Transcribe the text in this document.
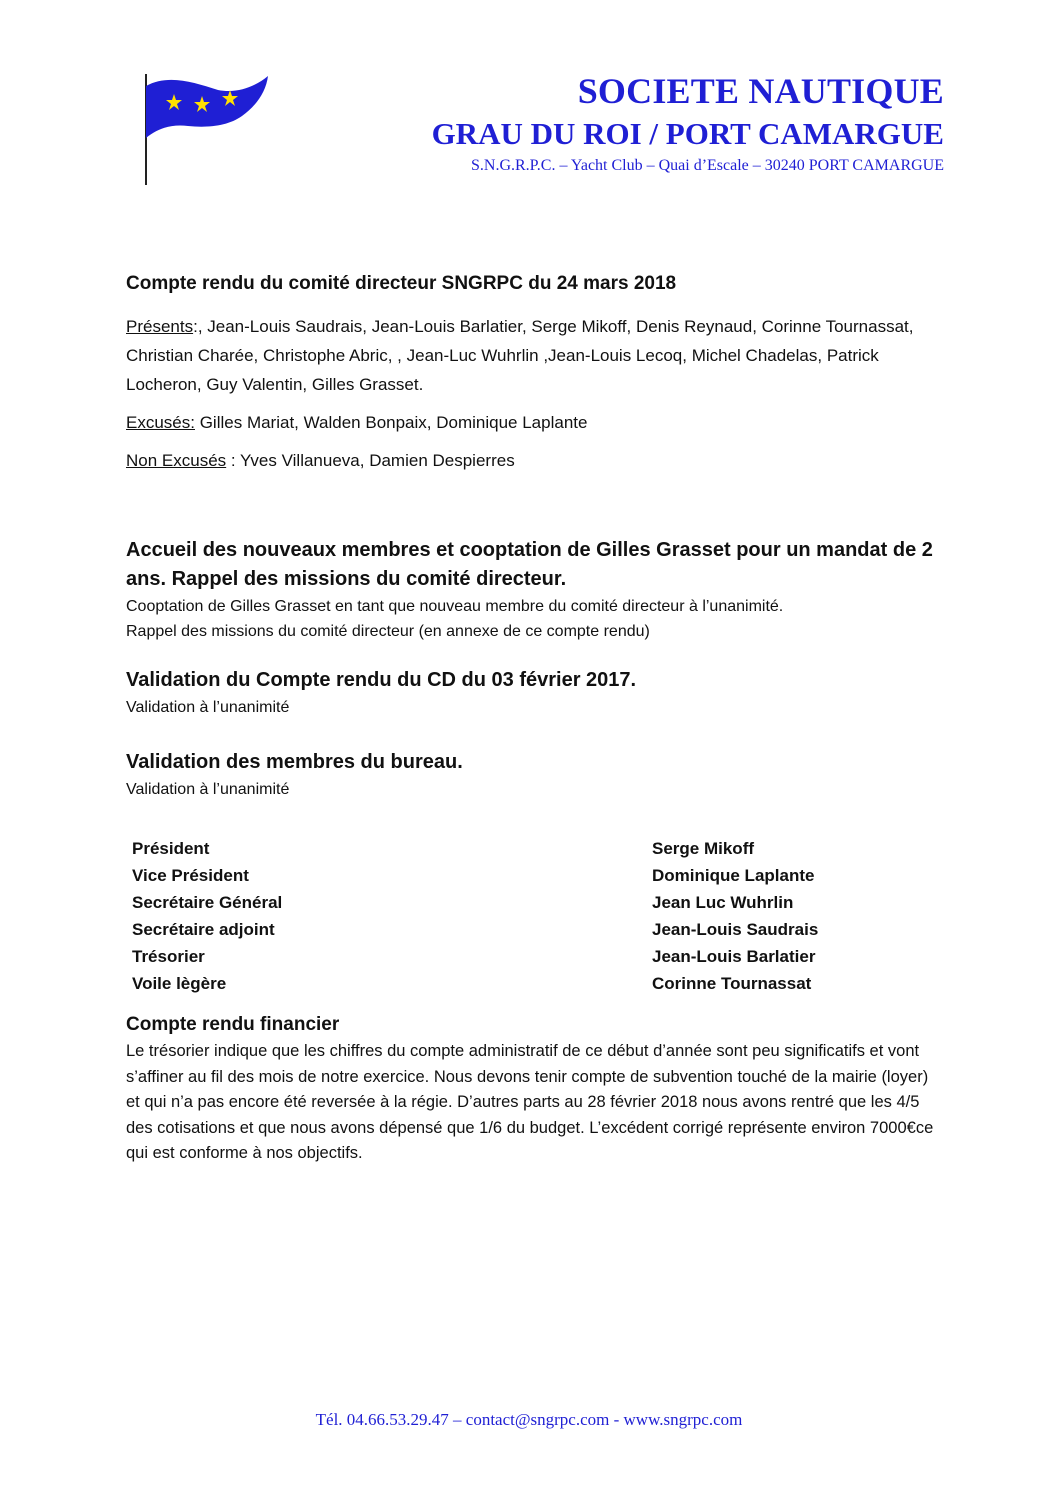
SOCIETE NAUTIQUE
GRAU DU ROI / PORT CAMARGUE
S.N.G.R.P.C. – Yacht Club – Quai d’Escale – 30240 PORT CAMARGUE
Compte rendu du comité directeur SNGRPC du 24 mars 2018

Présents:, Jean-Louis Saudrais, Jean-Louis Barlatier, Serge Mikoff, Denis Reynaud, Corinne Tournassat, Christian Charée, Christophe Abric, , Jean-Luc Wuhrlin ,Jean-Louis Lecoq, Michel Chadelas, Patrick Locheron, Guy Valentin, Gilles Grasset.

Excusés: Gilles Mariat, Walden Bonpaix, Dominique Laplante

Non Excusés : Yves Villanueva, Damien Despierres

Accueil des nouveaux membres et cooptation de Gilles Grasset pour un mandat de 2 ans. Rappel des missions du comité directeur.

Cooptation de Gilles Grasset en tant que nouveau membre du comité directeur à l’unanimité.

Rappel des missions du comité directeur (en annexe de ce compte rendu)

Validation du Compte rendu du CD du 03 février 2017.

Validation à l’unanimité

Validation des membres du bureau.

Validation à l’unanimité

Président	Serge Mikoff
Vice Président	Dominique Laplante
Secrétaire Général	Jean Luc Wuhrlin
Secrétaire adjoint	Jean-Louis Saudrais
Trésorier	Jean-Louis Barlatier
Voile lègère	Corinne Tournassat
Compte rendu financier

Le trésorier indique que les chiffres du compte administratif de ce début d’année sont peu significatifs et vont s’affiner au fil des mois de notre exercice. Nous devons tenir compte de subvention touché de la mairie (loyer) et qui n’a pas encore été reversée à la régie. D’autres parts au 28 février 2018 nous avons rentré que les 4/5 des cotisations et que nous avons dépensé que 1/6 du budget. L’excédent corrigé représente environ 7000€ce qui est conforme à nos objectifs.

Tél. 04.66.53.29.47 – contact@sngrpc.com - www.sngrpc.com
